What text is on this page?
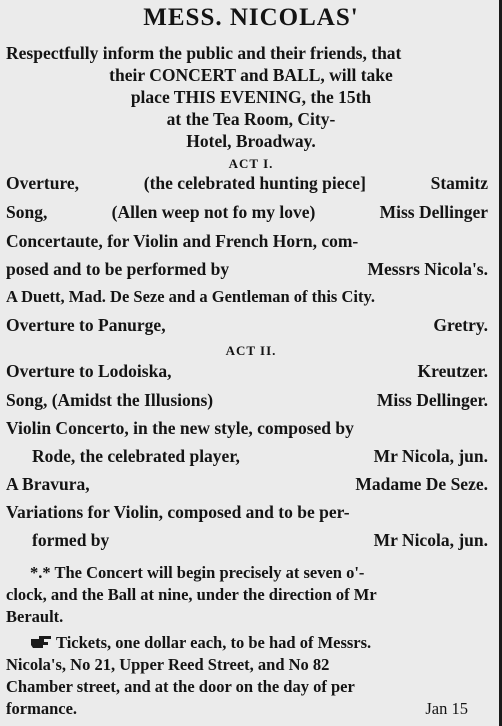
MESS. NICOLAS'
Respectfully inform the public and their friends, that
their CONCERT and BALL, will take
place THIS EVENING, the 15th
at the Tea Room, City-
Hotel, Broadway.
ACT I.
Overture,	(the celebrated hunting piece]	Stamitz
Song,	(Allen weep not fo my love)	Miss Dellinger
Concertaute, for Violin and French Horn, com-
posed and to be performed by	Messrs Nicola's.
A Duett, Mad. De Seze and a Gentleman of this City.
Overture to Panurge,	Gretry.
ACT II.
Overture to Lodoiska,	Kreutzer.
Song, (Amidst the Illusions)	Miss Dellinger.
Violin Concerto, in the new style, composed by
Rode, the celebrated player,	Mr Nicola, jun.
A Bravura,	Madame De Seze.
Variations for Violin, composed and to be per-
formed by	Mr Nicola, jun.
*.* The Concert will begin precisely at seven o'-
clock, and the Ball at nine, under the direction of Mr
Berault.
Tickets, one dollar each, to be had of Messrs.
Nicola's, No 21, Upper Reed Street, and No 82
Chamber street, and at the door on the day of per
formance.	Jan 15
